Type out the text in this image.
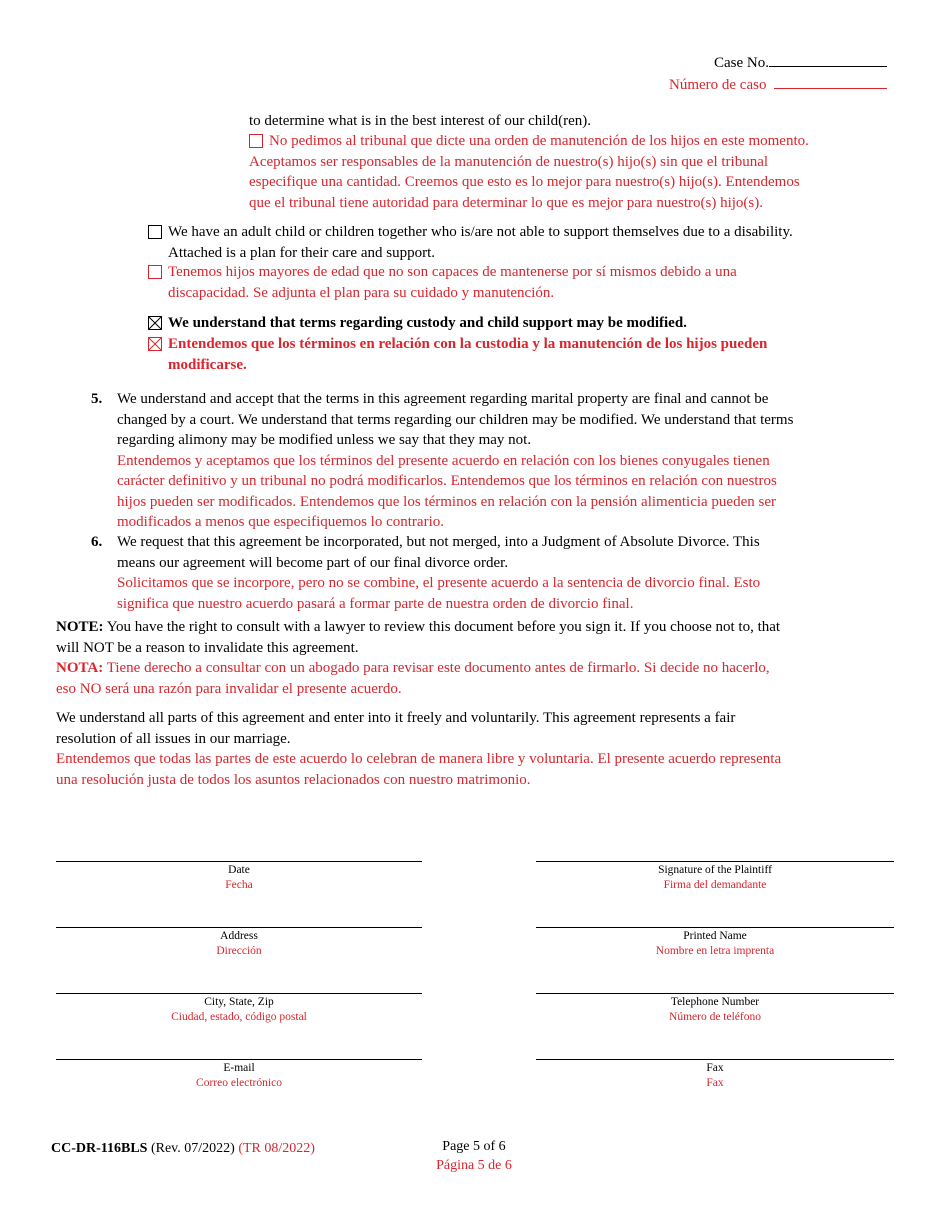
Case No.
Número de caso
to determine what is in the best interest of our child(ren).
No pedimos al tribunal que dicte una orden de manutención de los hijos en este momento.
Aceptamos ser responsables de la manutención de nuestro(s) hijo(s) sin que el tribunal
especifique una cantidad. Creemos que esto es lo mejor para nuestro(s) hijo(s). Entendemos
que el tribunal tiene autoridad para determinar lo que es mejor para nuestro(s) hijo(s).
We have an adult child or children together who is/are not able to support themselves due to a disability.
Attached is a plan for their care and support.
Tenemos hijos mayores de edad que no son capaces de mantenerse por sí mismos debido a una
discapacidad. Se adjunta el plan para su cuidado y manutención.
We understand that terms regarding custody and child support may be modified.
Entendemos que los términos en relación con la custodia y la manutención de los hijos pueden
modificarse.
5. We understand and accept that the terms in this agreement regarding marital property are final and cannot be
changed by a court. We understand that terms regarding our children may be modified. We understand that terms
regarding alimony may be modified unless we say that they may not.
Entendemos y aceptamos que los términos del presente acuerdo en relación con los bienes conyugales tienen
carácter definitivo y un tribunal no podrá modificarlos. Entendemos que los términos en relación con nuestros
hijos pueden ser modificados. Entendemos que los términos en relación con la pensión alimenticia pueden ser
modificados a menos que especifiquemos lo contrario.
6. We request that this agreement be incorporated, but not merged, into a Judgment of Absolute Divorce. This
means our agreement will become part of our final divorce order.
Solicitamos que se incorpore, pero no se combine, el presente acuerdo a la sentencia de divorcio final. Esto
significa que nuestro acuerdo pasará a formar parte de nuestra orden de divorcio final.
NOTE: You have the right to consult with a lawyer to review this document before you sign it. If you choose not to, that
will NOT be a reason to invalidate this agreement.
NOTA: Tiene derecho a consultar con un abogado para revisar este documento antes de firmarlo. Si decide no hacerlo,
eso NO será una razón para invalidar el presente acuerdo.
We understand all parts of this agreement and enter into it freely and voluntarily. This agreement represents a fair
resolution of all issues in our marriage.
Entendemos que todas las partes de este acuerdo lo celebran de manera libre y voluntaria. El presente acuerdo representa
una resolución justa de todos los asuntos relacionados con nuestro matrimonio.
Date
Fecha
Address
Dirección
City, State, Zip
Ciudad, estado, código postal
E-mail
Correo electrónico
Signature of the Plaintiff
Firma del demandante
Printed Name
Nombre en letra imprenta
Telephone Number
Número de teléfono
Fax
Fax
CC-DR-116BLS (Rev. 07/2022) (TR 08/2022)	Page 5 of 6
Página 5 de 6
